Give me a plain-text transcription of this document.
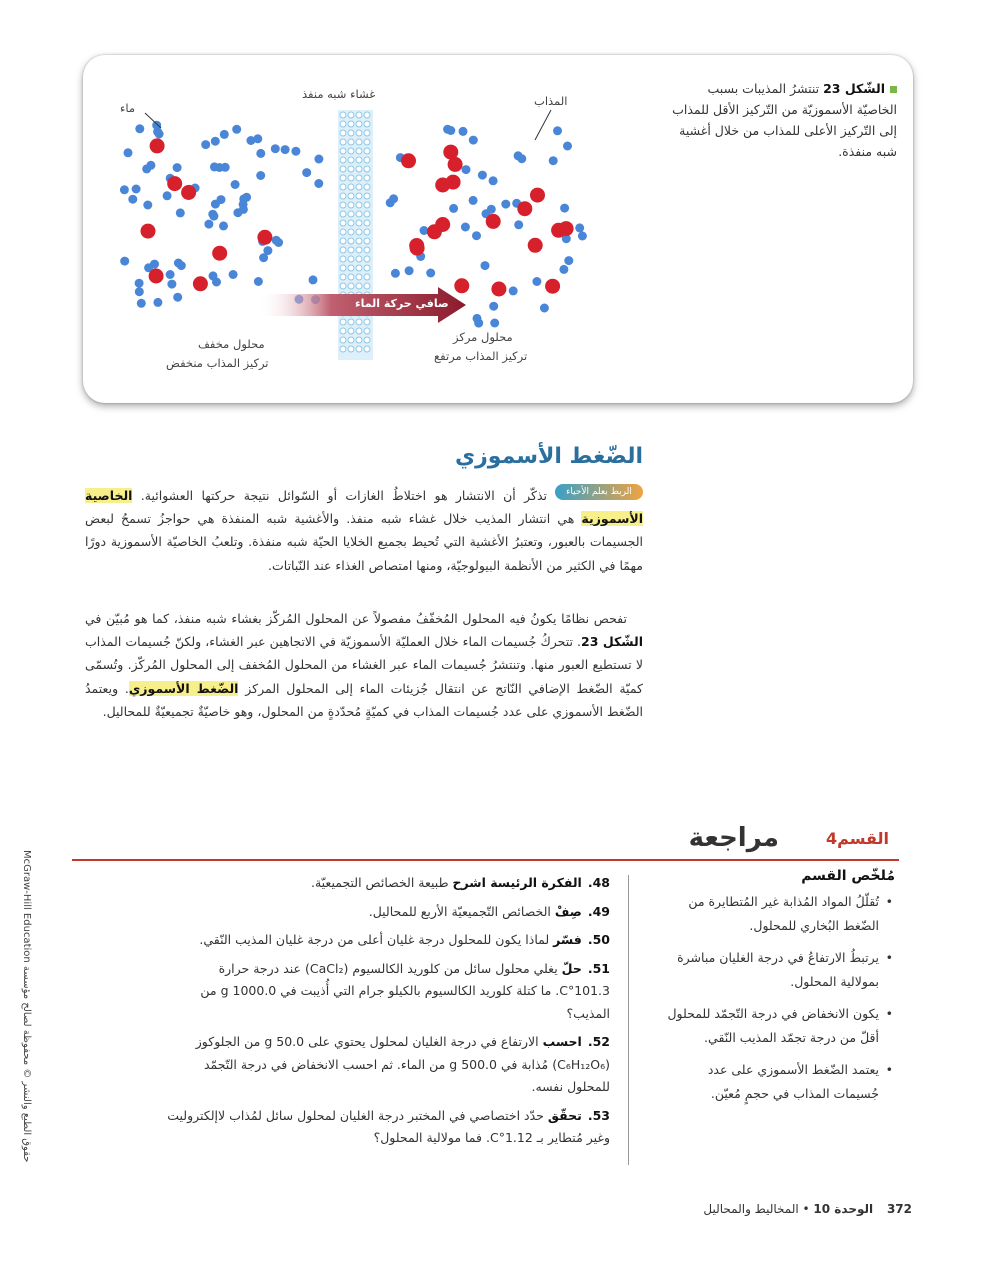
غشاء شبه منفذ
ماء	المذاب
صافي حركة الماء
محلول مخفف
تركيز المذاب منخفض
محلول مركز
تركيز المذاب مرتفع
الشّكل 23 تنتشرُ المذيبات بسبب الخاصيّة الأسموزيّة من التّركيز الأقل للمذاب إلى التّركيز الأعلى للمذاب من خلال أغشية شبه منفذة.
الضّغط الأسموزي
الربط بعلم الأحياء
تذكّر أن الانتشار هو اختلاطُ الغازات أو السّوائل نتيجة حركتها العشوائية. الخاصية الأسموزية هي انتشار المذيب خلال غشاء شبه منفذ. والأغشية شبه المنفذة هي حواجزُ تسمحُ لبعض الجسيمات بالعبور، وتعتبرُ الأغشية التي تُحيط بجميع الخلايا الحيّة شبه منفذة. وتلعبُ الخاصيّة الأسموزية دورًا مهمًا في الكثير من الأنظمة البيولوجيّة، ومنها امتصاص الغذاء عند النّباتات.
تفحص نظامًا يكونُ فيه المحلول المُخفّفُ مفصولاً عن المحلول المُركّز بغشاء شبه منفذ، كما هو مُبيّن في الشّكل 23. تتحركُ جُسيمات الماء خلال العمليّة الأسموزيّة في الاتجاهين عبر الغشاء، ولكنّ جُسيمات المذاب لا تستطيع العبور منها. وتنتشرُ جُسيمات الماء عبر الغشاء من المحلول المُخفف إلى المحلول المُركّز. وتُسمّى كميّة الضّغط الإضافي النّاتج عن انتقال جُزيئات الماء إلى المحلول المركز الضّغط الأسموزي. ويعتمدُ الضّغط الأسموزي على عدد جُسيمات المذاب في كميّةٍ مُحدّدةٍ من المحلول، وهو خاصيّةٌ تجميعيّةٌ للمحاليل.
القسم4
مراجعة
مُلخّص القسم
• تُقلّلُ المواد المُذابة غير المُتطايرة من الضّغط البُخاري للمحلول.
• يرتبطُ الارتفاعُ في درجة الغليان مباشرة بمولالية المحلول.
• يكون الانخفاض في درجة التّجمّد للمحلول أقلّ من درجة تجمّد المذيب النّقي.
• يعتمد الضّغط الأسموزي على عدد جُسيمات المذاب في حجمٍ مُعيّن.
48.الفكرة الرئيسة اشرح طبيعة الخصائص التجميعيّة.
49.صِفْ الخصائص التّجميعيّة الأربع للمحاليل.
50.فسّر لماذا يكون للمحلول درجة غليان أعلى من درجة غليان المذيب النّقي.
51.حلّ يغلي محلول سائل من كلوريد الكالسيوم (CaCl₂) عند درجة حرارة 101.3°C. ما كتلة كلوريد الكالسيوم بالكيلو جرام التي أُذيبت في 1000.0 g من المذيب؟
52.احسب الارتفاع في درجة الغليان لمحلول يحتوي على 50.0 g من الجلوكوز (C₆H₁₂O₆) مُذابة في 500.0 g من الماء. ثم احسب الانخفاض في درجة التّجمّد للمحلول نفسه.
53.تحقّق حدّد اختصاصي في المختبر درجة الغليان لمحلول سائل لمُذاب لاإلكتروليت وغير مُتطاير بـ 1.12°C. فما مولالية المحلول؟
حقوق الطبع والنشر © محفوظة لصالح مؤسسة McGraw-Hill Education
372 الوحدة 10 • المخاليط والمحاليل
